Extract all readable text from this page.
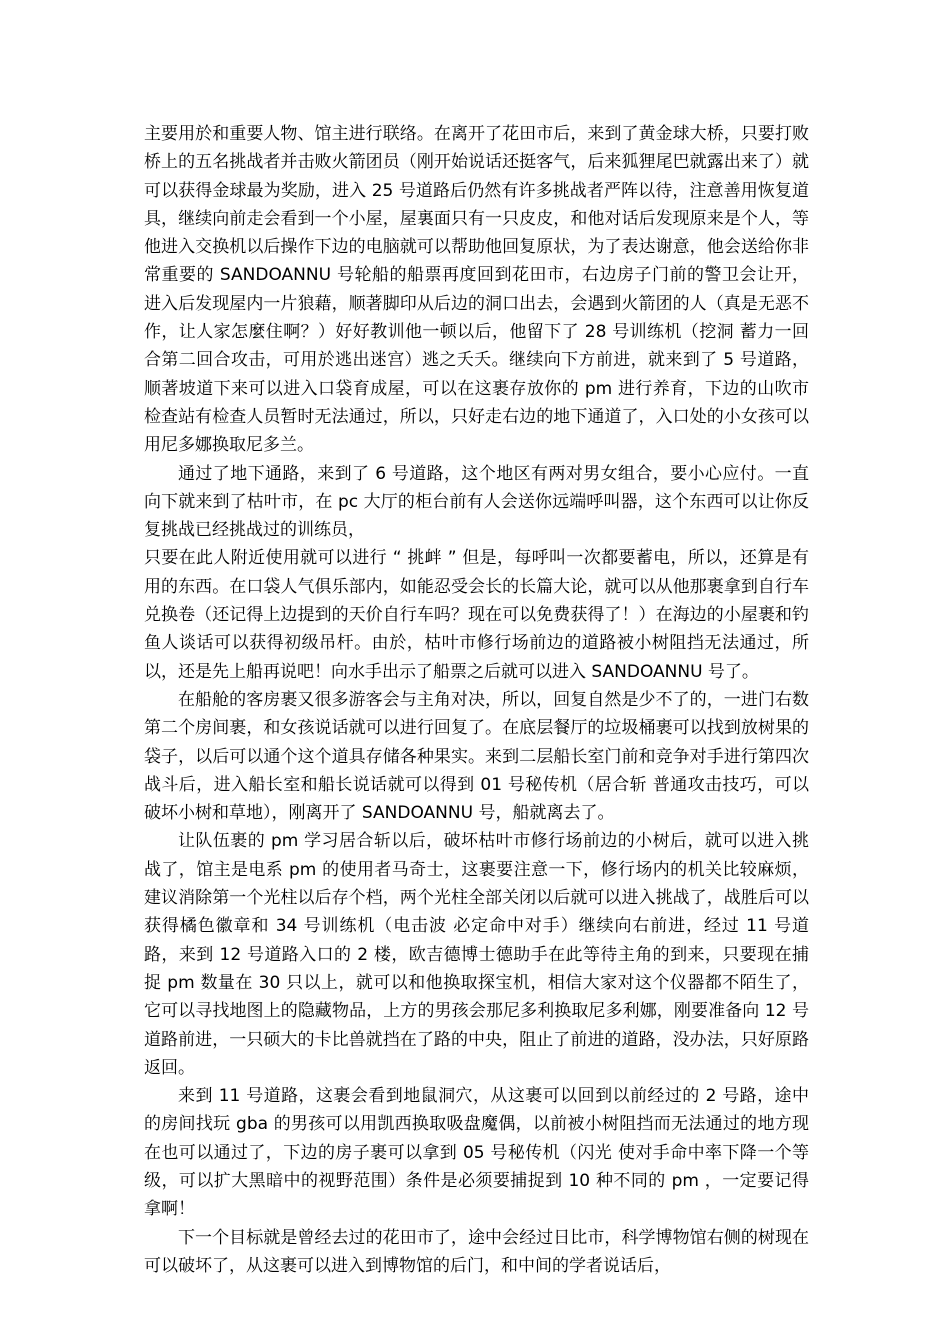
主要用於和重要人物、馆主进行联络。在离开了花田市后，来到了黄金球大桥，只要打败桥上的五名挑战者并击败火箭团员（刚开始说话还挺客气，后来狐狸尾巴就露出来了）就可以获得金球最为奖励，进入 25 号道路后仍然有许多挑战者严阵以待，注意善用恢复道具，继续向前走会看到一个小屋，屋裏面只有一只皮皮，和他对话后发现原来是个人，等他进入交换机以后操作下边的电脑就可以帮助他回复原状，为了表达谢意，他会送给你非常重要的 SANDOANNU 号轮船的船票再度回到花田市，右边房子门前的警卫会让开，进入后发现屋内一片狼藉，顺著脚印从后边的洞口出去，会遇到火箭团的人（真是无恶不作，让人家怎麼住啊？）好好教训他一顿以后，他留下了 28 号训练机（挖洞 蓄力一回合第二回合攻击，可用於逃出迷宫）逃之夭夭。继续向下方前进，就来到了 5 号道路，顺著坡道下来可以进入口袋育成屋，可以在这裹存放你的 pm 进行养育，下边的山吹市检查站有检查人员暂时无法通过，所以，只好走右边的地下通道了，入口处的小女孩可以用尼多娜换取尼多兰。

通过了地下通路，来到了 6 号道路，这个地区有两对男女组合，要小心应付。一直向下就来到了枯叶市，在 pc 大厅的柜台前有人会送你远端呼叫器，这个东西可以让你反复挑战已经挑战过的训练员，

只要在此人附近使用就可以进行 “ 挑衅 ” 但是，每呼叫一次都要蓄电，所以，还算是有用的东西。在口袋人气俱乐部内，如能忍受会长的长篇大论，就可以从他那裹拿到自行车兑换卷（还记得上边提到的天价自行车吗？现在可以免费获得了！）在海边的小屋裹和钓鱼人谈话可以获得初级吊杆。由於，枯叶市修行场前边的道路被小树阻挡无法通过，所以，还是先上船再说吧！向水手出示了船票之后就可以进入 SANDOANNU 号了。

在船舱的客房裹又很多游客会与主角对决，所以，回复自然是少不了的，一进门右数第二个房间裹，和女孩说话就可以进行回复了。在底层餐厅的垃圾桶裹可以找到放树果的袋子，以后可以通个这个道具存储各种果实。来到二层船长室门前和竞争对手进行第四次战斗后，进入船长室和船长说话就可以得到 01 号秘传机（居合斩 普通攻击技巧，可以破坏小树和草地），刚离开了 SANDOANNU 号，船就离去了。

让队伍裹的 pm 学习居合斩以后，破坏枯叶市修行场前边的小树后，就可以进入挑战了，馆主是电系 pm 的使用者马奇士，这裹要注意一下，修行场内的机关比较麻烦，建议消除第一个光柱以后存个档，两个光柱全部关闭以后就可以进入挑战了，战胜后可以获得橘色徽章和 34 号训练机（电击波 必定命中对手）继续向右前进，经过 11 号道路，来到 12 号道路入口的 2 楼，欧吉德博士德助手在此等待主角的到来，只要现在捕捉 pm 数量在 30 只以上，就可以和他换取探宝机，相信大家对这个仪器都不陌生了，它可以寻找地图上的隐藏物品，上方的男孩会那尼多利换取尼多利娜，刚要准备向 12 号道路前进，一只硕大的卡比兽就挡在了路的中央，阻止了前进的道路，没办法，只好原路返回。

来到 11 号道路，这裹会看到地鼠洞穴，从这裹可以回到以前经过的 2 号路，途中的房间找玩 gba 的男孩可以用凯西换取吸盘魔偶，以前被小树阻挡而无法通过的地方现在也可以通过了，下边的房子裹可以拿到 05 号秘传机（闪光 使对手命中率下降一个等级，可以扩大黑暗中的视野范围）条件是必须要捕捉到 10 种不同的 pm ，一定要记得拿啊！

下一个目标就是曾经去过的花田市了，途中会经过日比市，科学博物馆右侧的树现在可以破坏了，从这裹可以进入到博物馆的后门，和中间的学者说话后，
